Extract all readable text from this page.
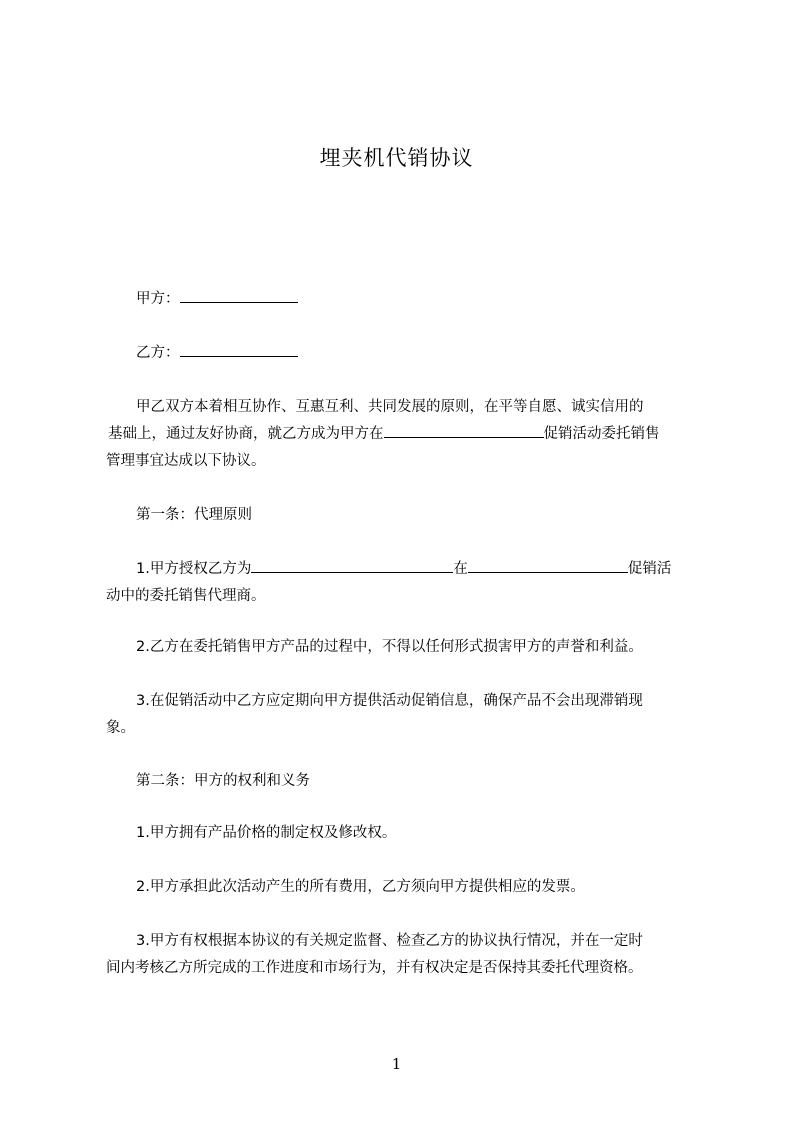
埋夹机代销协议

甲方：

乙方：

甲乙双方本着相互协作、互惠互利、共同发展的原则，在平等自愿、诚实信用的
基础上，通过友好协商，就乙方成为甲方在	促销活动委托销售
管理事宜达成以下协议。

第一条：代理原则

1.甲方授权乙方为	在	促销活
动中的委托销售代理商。

2.乙方在委托销售甲方产品的过程中，不得以任何形式损害甲方的声誉和利益。

3.在促销活动中乙方应定期向甲方提供活动促销信息，确保产品不会出现滞销现
象。

第二条：甲方的权利和义务

1.甲方拥有产品价格的制定权及修改权。

2.甲方承担此次活动产生的所有费用，乙方须向甲方提供相应的发票。

3.甲方有权根据本协议的有关规定监督、检查乙方的协议执行情况，并在一定时
间内考核乙方所完成的工作进度和市场行为，并有权决定是否保持其委托代理资格。

1
